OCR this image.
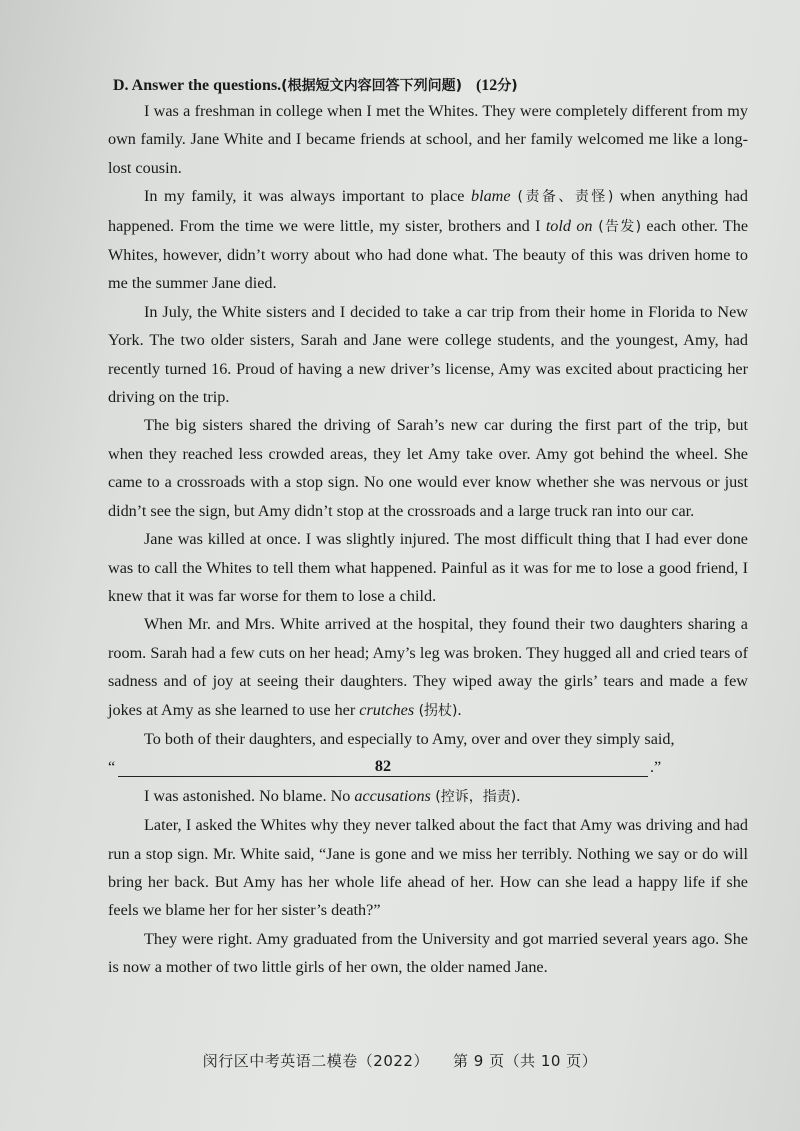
D. Answer the questions.(根据短文内容回答下列问题) (12分)

I was a freshman in college when I met the Whites. They were completely different from my own family. Jane White and I became friends at school, and her family welcomed me like a long-lost cousin.

In my family, it was always important to place blame (责备、责怪) when anything had happened. From the time we were little, my sister, brothers and I told on (告发) each other. The Whites, however, didn’t worry about who had done what. The beauty of this was driven home to me the summer Jane died.

In July, the White sisters and I decided to take a car trip from their home in Florida to New York. The two older sisters, Sarah and Jane were college students, and the youngest, Amy, had recently turned 16. Proud of having a new driver’s license, Amy was excited about practicing her driving on the trip.

The big sisters shared the driving of Sarah’s new car during the first part of the trip, but when they reached less crowded areas, they let Amy take over. Amy got behind the wheel. She came to a crossroads with a stop sign. No one would ever know whether she was nervous or just didn’t see the sign, but Amy didn’t stop at the crossroads and a large truck ran into our car.

Jane was killed at once. I was slightly injured. The most difficult thing that I had ever done was to call the Whites to tell them what happened. Painful as it was for me to lose a good friend, I knew that it was far worse for them to lose a child.

When Mr. and Mrs. White arrived at the hospital, they found their two daughters sharing a room. Sarah had a few cuts on her head; Amy’s leg was broken. They hugged all and cried tears of sadness and of joy at seeing their daughters. They wiped away the girls’ tears and made a few jokes at Amy as she learned to use her crutches (拐杖).

To both of their daughters, and especially to Amy, over and over they simply said,

“	82	.”

I was astonished. No blame. No accusations (控诉，指责).

Later, I asked the Whites why they never talked about the fact that Amy was driving and had run a stop sign. Mr. White said, “Jane is gone and we miss her terribly. Nothing we say or do will bring her back. But Amy has her whole life ahead of her. How can she lead a happy life if she feels we blame her for her sister’s death?”

They were right. Amy graduated from the University and got married several years ago. She is now a mother of two little girls of her own, the older named Jane.

闵行区中考英语二模卷（2022） 第 9 页（共 10 页）
